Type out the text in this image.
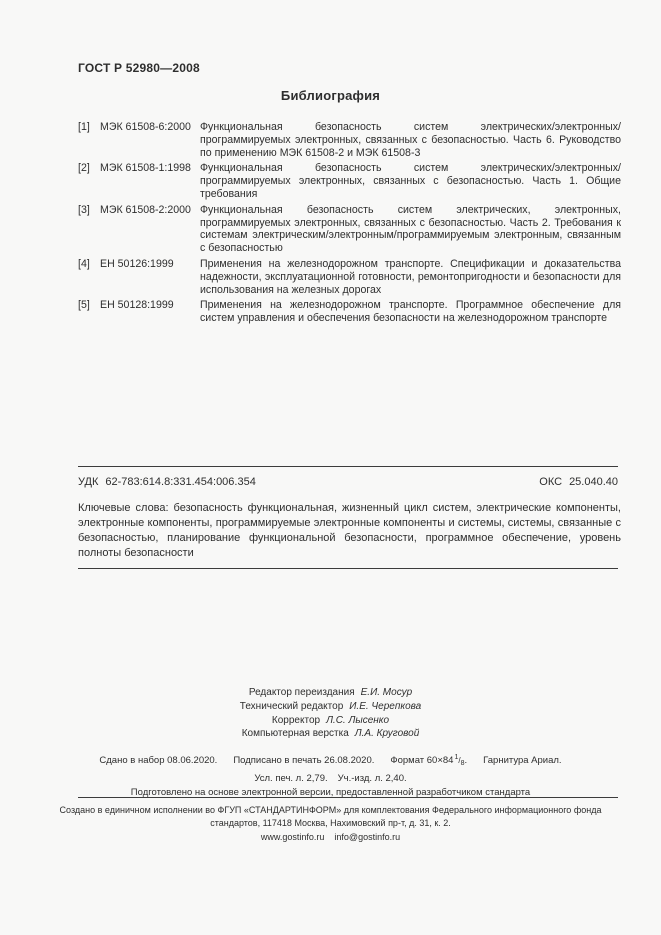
ГОСТ Р 52980—2008
Библиография
[1] МЭК 61508-6:2000 Функциональная безопасность систем электрических/электронных/программируемых электронных, связанных с безопасностью. Часть 6. Руководство по применению МЭК 61508-2 и МЭК 61508-3
[2] МЭК 61508-1:1998 Функциональная безопасность систем электрических/электронных/программируемых электронных, связанных с безопасностью. Часть 1. Общие требования
[3] МЭК 61508-2:2000 Функциональная безопасность систем электрических, электронных, программируемых электронных, связанных с безопасностью. Часть 2. Требования к системам электрическим/электронным/программируемым электронным, связанным с безопасностью
[4] ЕН 50126:1999	Применения на железнодорожном транспорте. Спецификации и доказательства надежности, эксплуатационной готовности, ремонтопригодности и безопасности для использования на железных дорогах
[5] ЕН 50128:1999	Применения на железнодорожном транспорте. Программное обеспечение для систем управления и обеспечения безопасности на железнодорожном транспорте
УДК 62-783:614.8:331.454:006.354	ОКС 25.040.40
Ключевые слова: безопасность функциональная, жизненный цикл систем, электрические компоненты, электронные компоненты, программируемые электронные компоненты и системы, системы, связанные с безопасностью, планирование функциональной безопасности, программное обеспечение, уровень полноты безопасности
Редактор переиздания Е.И. Мосур
Технический редактор И.Е. Черепкова
Корректор Л.С. Лысенко
Компьютерная верстка Л.А. Круговой
Сдано в набор 08.06.2020. Подписано в печать 26.08.2020. Формат $60\times 84^1/_8$. Гарнитура Ариал.
Усл. печ. л. 2,79. Уч.-изд. л. 2,40.
Подготовлено на основе электронной версии, предоставленной разработчиком стандарта
Создано в единичном исполнении во ФГУП «СТАНДАРТИНФОРМ» для комплектования Федерального информационного фонда стандартов, 117418 Москва, Нахимовский пр-т, д. 31, к. 2.
www.gostinfo.ru info@gostinfo.ru
